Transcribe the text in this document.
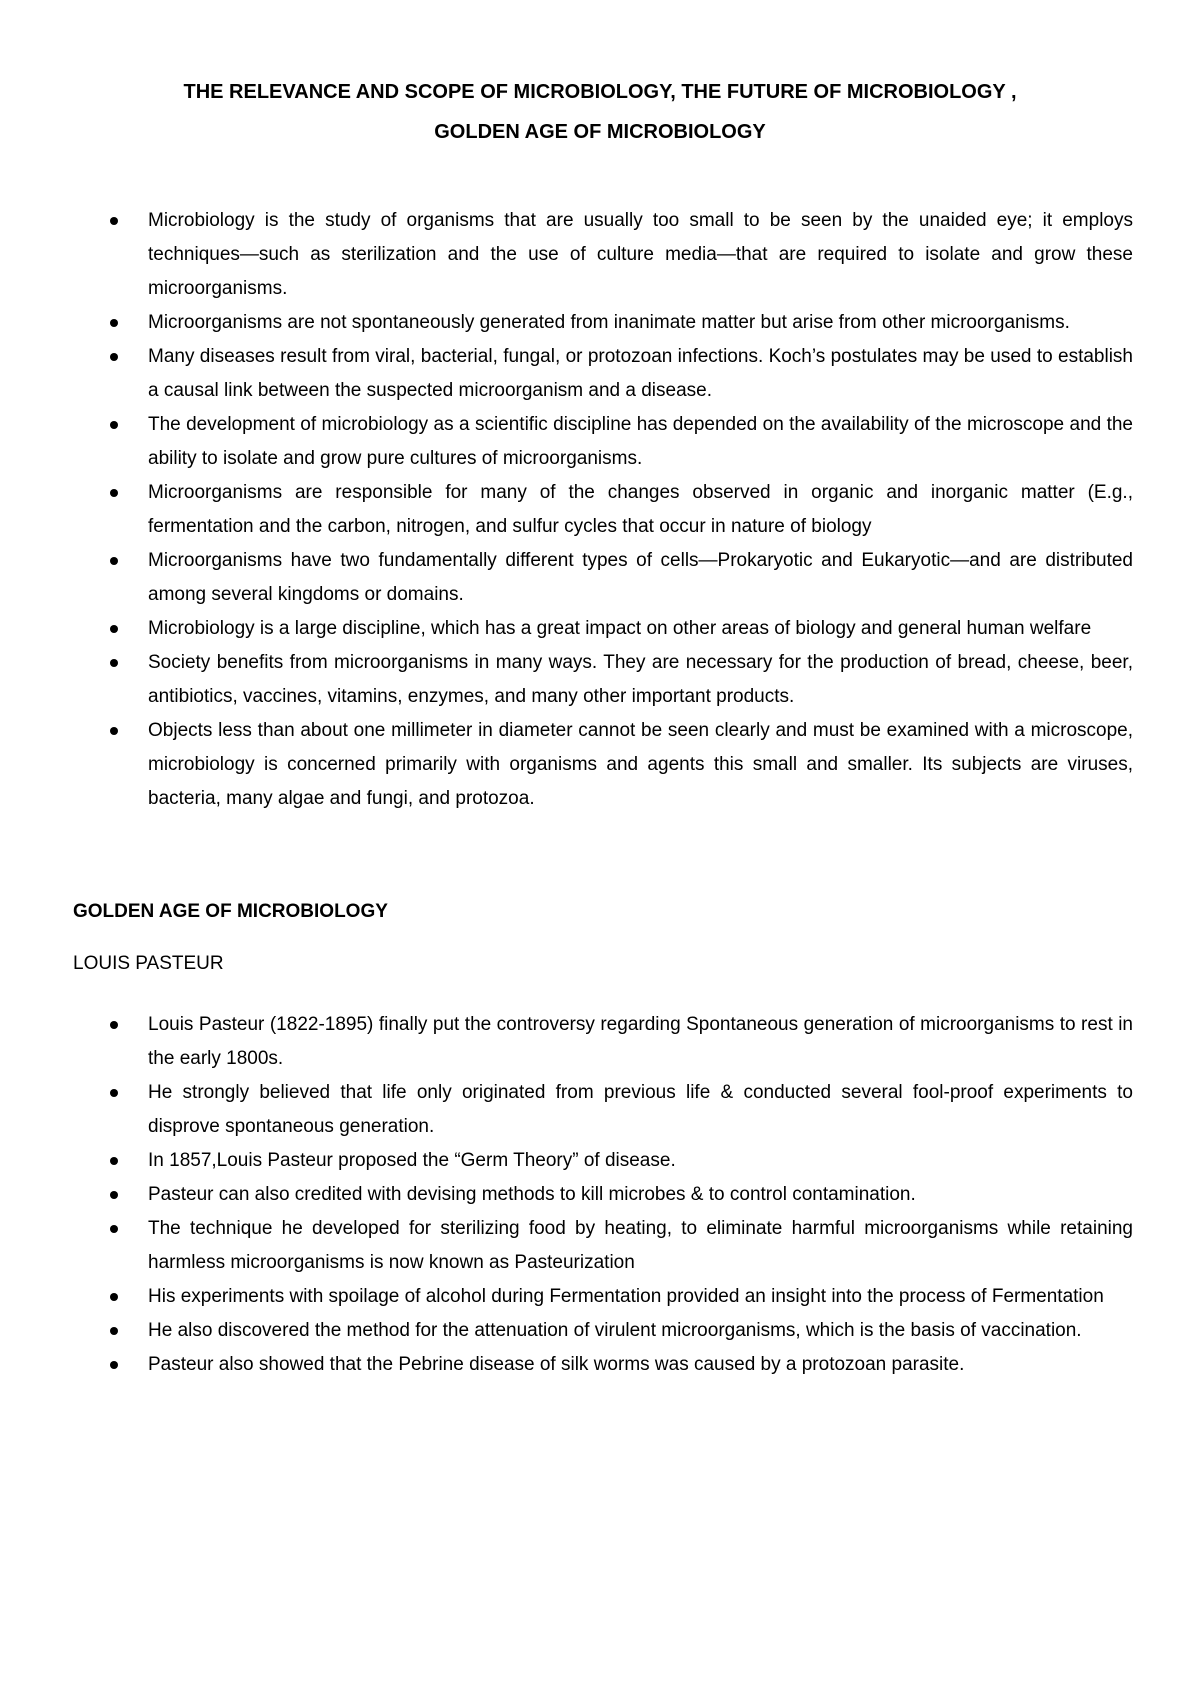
THE RELEVANCE AND SCOPE OF MICROBIOLOGY, THE FUTURE OF MICROBIOLOGY ,
GOLDEN AGE OF MICROBIOLOGY
Microbiology is the study of organisms that are usually too small to be seen by the unaided eye; it employs techniques—such as sterilization and the use of culture media—that are required to isolate and grow these microorganisms.
Microorganisms are not spontaneously generated from inanimate matter but arise from other microorganisms.
Many diseases result from viral, bacterial, fungal, or protozoan infections. Koch’s postulates may be used to establish a causal link between the suspected microorganism and a disease.
The development of microbiology as a scientific discipline has depended on the availability of the microscope and the ability to isolate and grow pure cultures of microorganisms.
Microorganisms are responsible for many of the changes observed in organic and inorganic matter (E.g., fermentation and the carbon, nitrogen, and sulfur cycles that occur in nature of biology
Microorganisms have two fundamentally different types of cells—Prokaryotic and Eukaryotic—and are distributed among several kingdoms or domains.
Microbiology is a large discipline, which has a great impact on other areas of biology and general human welfare
Society benefits from microorganisms in many ways. They are necessary for the production of bread, cheese, beer, antibiotics, vaccines, vitamins, enzymes, and many other important products.
Objects less than about one millimeter in diameter cannot be seen clearly and must be examined with a microscope, microbiology is concerned primarily with organisms and agents this small and smaller. Its subjects are viruses, bacteria, many algae and fungi, and protozoa.
GOLDEN AGE OF MICROBIOLOGY
LOUIS PASTEUR
Louis Pasteur (1822-1895) finally put the controversy regarding Spontaneous generation of microorganisms to rest in the early 1800s.
He strongly believed that life only originated from previous life & conducted several fool-proof experiments to disprove spontaneous generation.
In 1857,Louis Pasteur proposed the “Germ Theory” of disease.
Pasteur can also credited with devising methods to kill microbes & to control contamination.
The technique he developed for sterilizing food by heating, to eliminate harmful microorganisms while retaining harmless microorganisms is now known as Pasteurization
His experiments with spoilage of alcohol during Fermentation provided an insight into the process of Fermentation
He also discovered the method for the attenuation of virulent microorganisms, which is the basis of vaccination.
Pasteur also showed that the Pebrine disease of silk worms was caused by a protozoan parasite.
